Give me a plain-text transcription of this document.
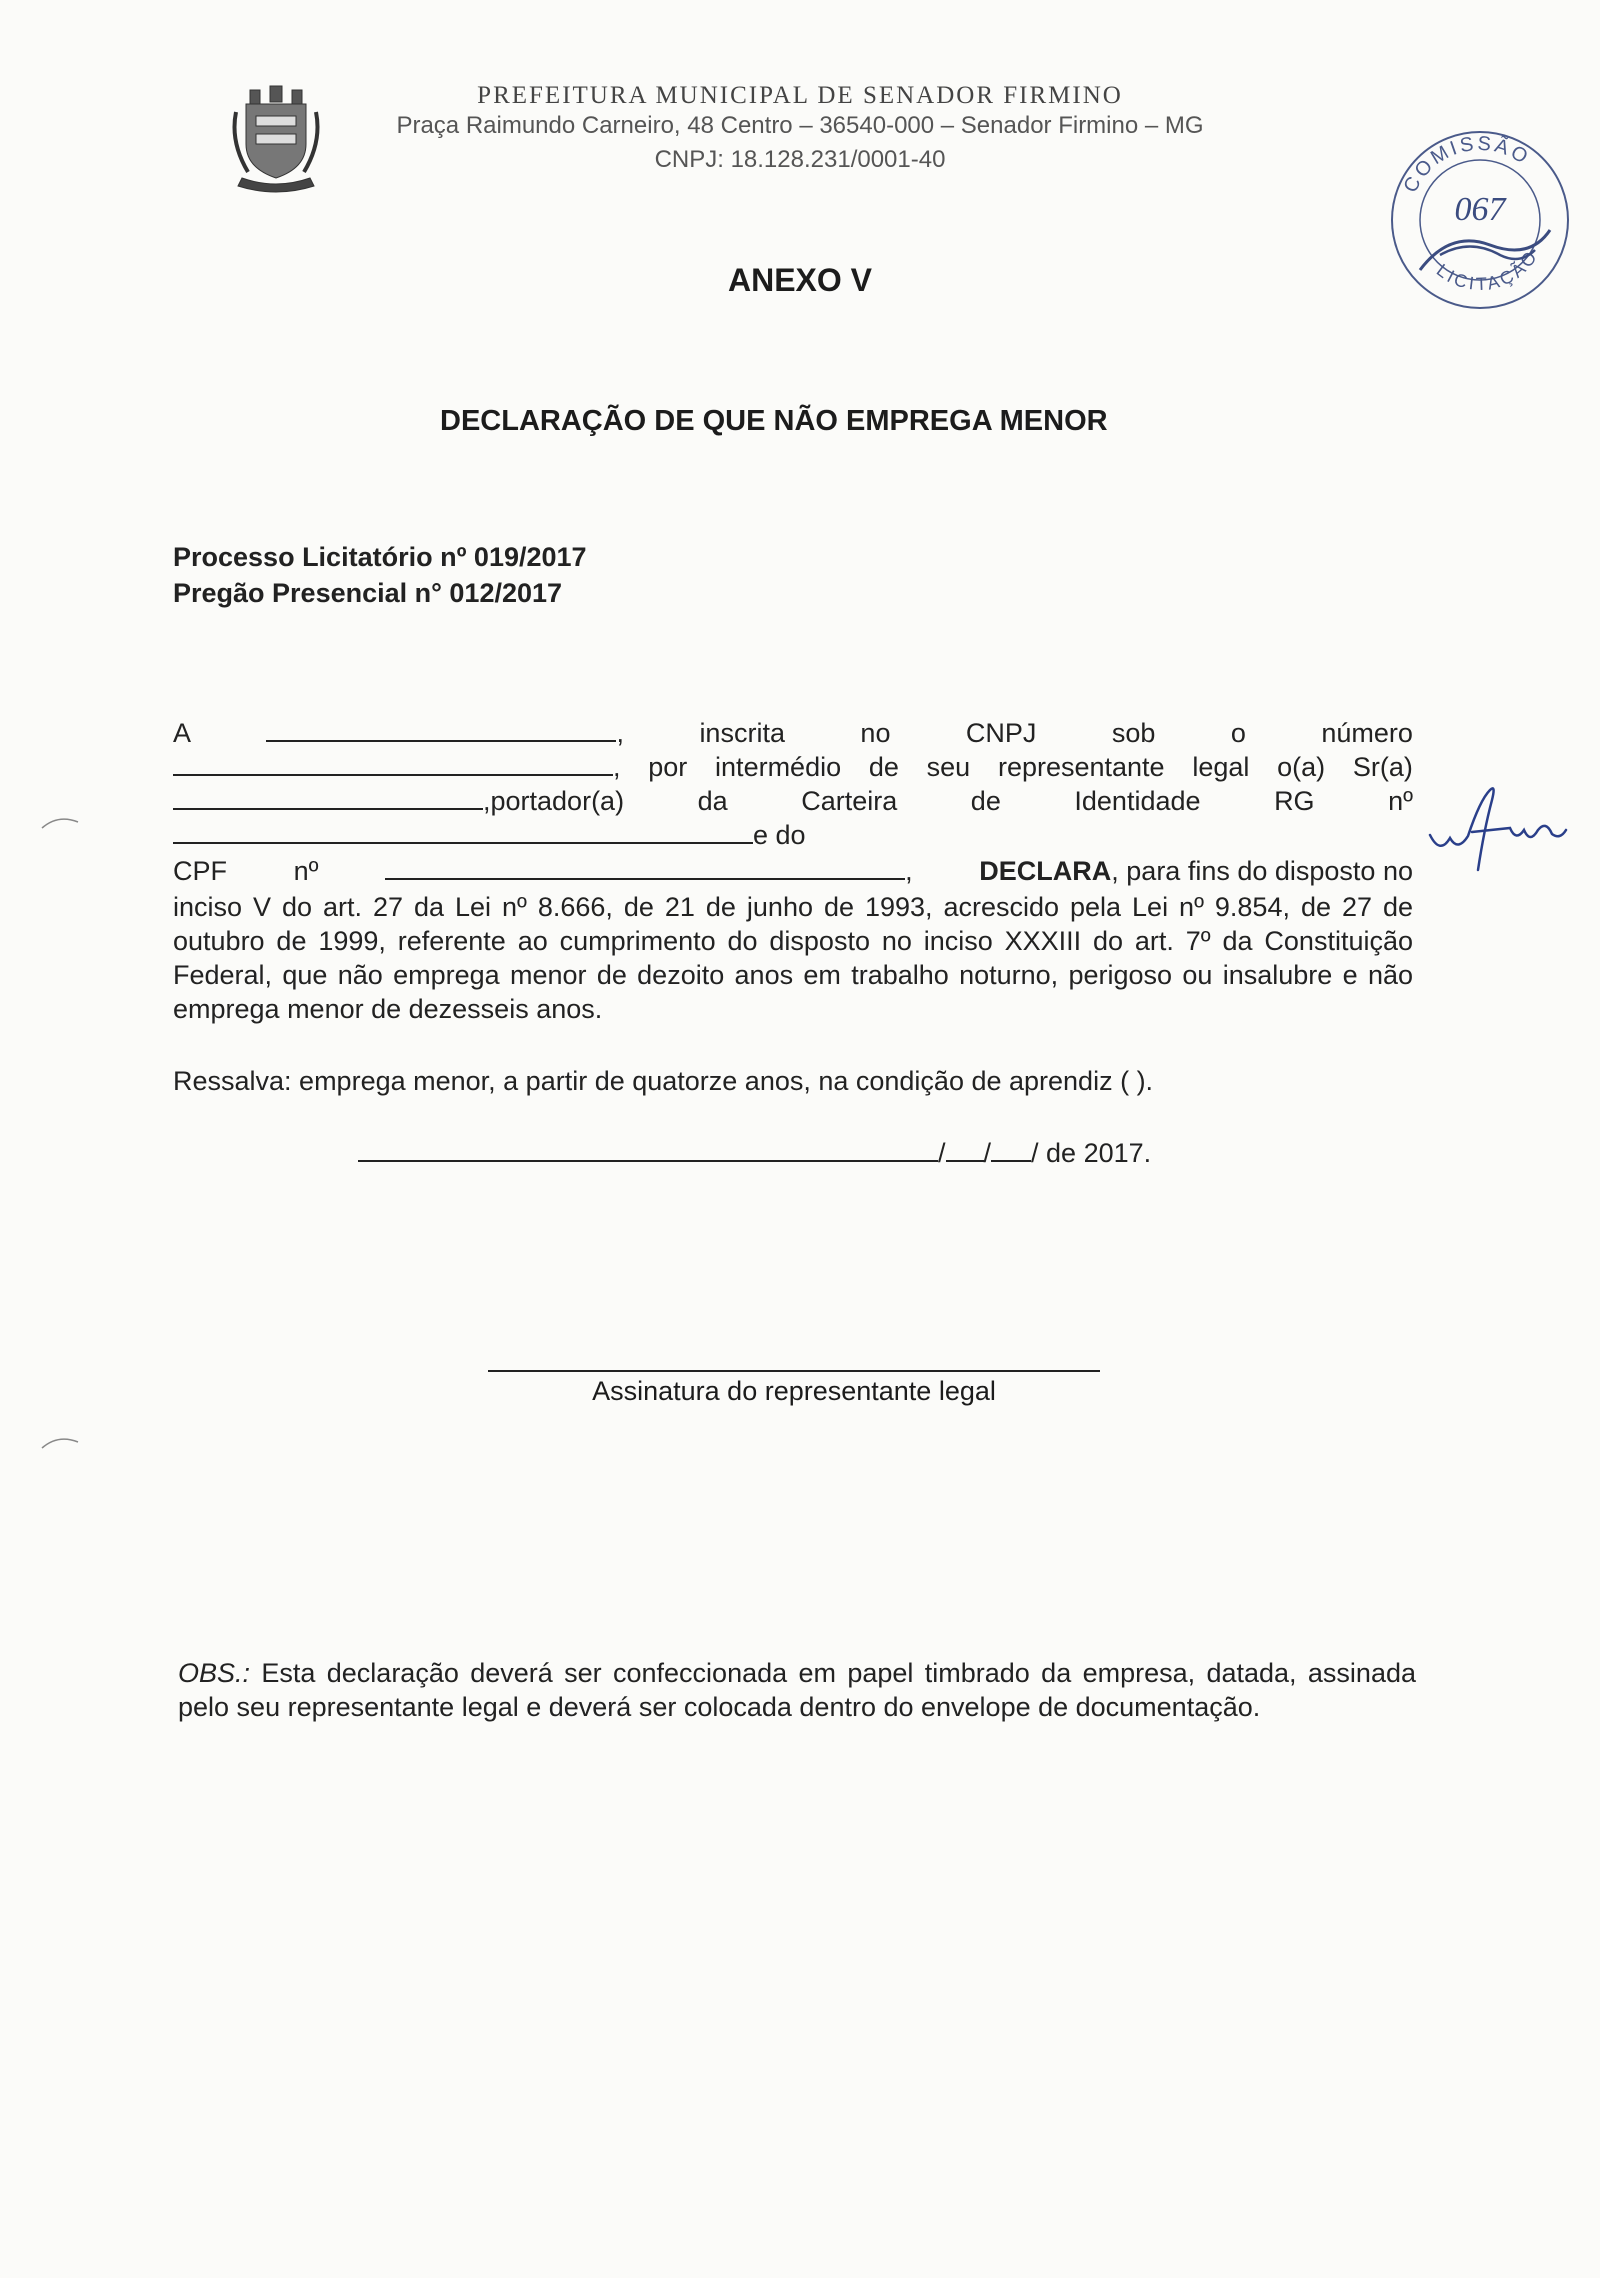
PREFEITURA MUNICIPAL DE SENADOR FIRMINO
Praça Raimundo Carneiro, 48 Centro – 36540-000 – Senador Firmino – MG
CNPJ: 18.128.231/0001-40
COMISSÃO
LICITAÇÃO
067
ANEXO V
DECLARAÇÃO DE QUE NÃO EMPREGA MENOR
Processo Licitatório nº 019/2017
Pregão Presencial n° 012/2017
A	,	inscrita	no	CNPJ	sob	o	número
, por intermédio de seu representante legal o(a) Sr(a)
,portador(a)	da	Carteira	de	Identidade	RG	nº
e do
CPF nº	, DECLARA, para fins do disposto no
inciso V do art. 27 da Lei nº 8.666, de 21 de junho de 1993, acrescido pela Lei nº 9.854, de 27 de outubro de 1999, referente ao cumprimento do disposto no inciso XXXIII do art. 7º da Constituição Federal, que não emprega menor de dezoito anos em trabalho noturno, perigoso ou insalubre e não emprega menor de dezesseis anos.
Ressalva: emprega menor, a partir de quatorze anos, na condição de aprendiz ( ).
/ / / de 2017.
Assinatura do representante legal
OBS.: Esta declaração deverá ser confeccionada em papel timbrado da empresa, datada, assinada pelo seu representante legal e deverá ser colocada dentro do envelope de documentação.
